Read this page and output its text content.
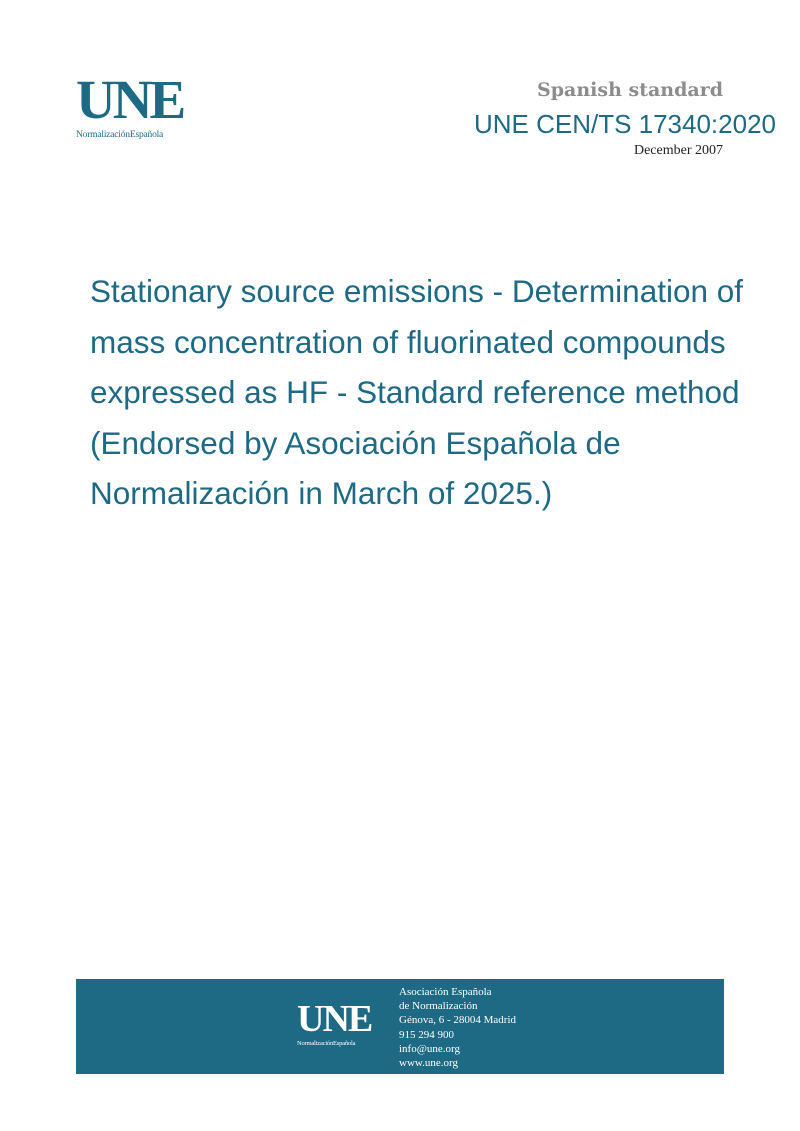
UNE
NormalizaciónEspañola
Spanish standard
UNE CEN/TS 17340:2020
December 2007
Stationary source emissions - Determination of mass concentration of fluorinated compounds expressed as HF - Standard reference method (Endorsed by Asociación Española de Normalización in March of 2025.)
UNE
NormalizaciónEspañola
Asociación Española
de Normalización
Génova, 6 - 28004 Madrid
915 294 900
info@une.org
www.une.org
